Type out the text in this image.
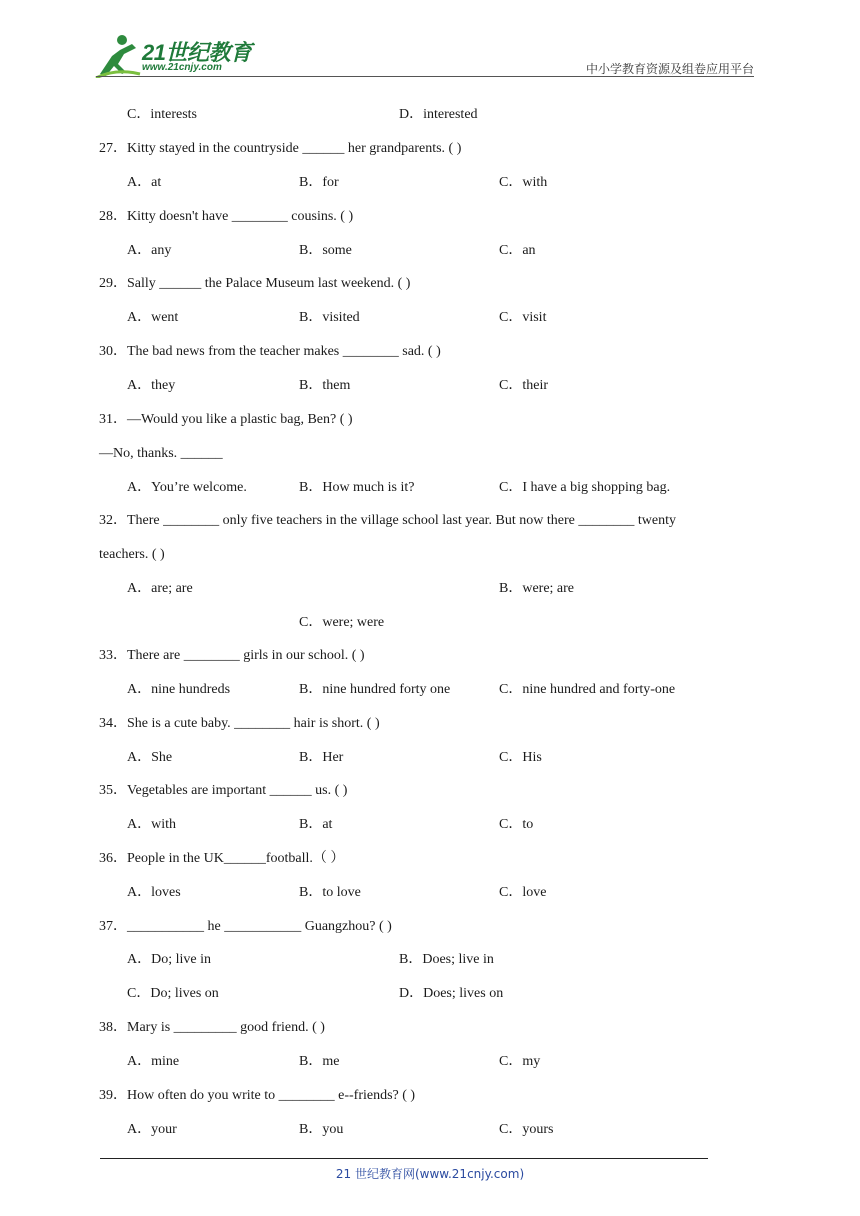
21世纪教育
www.21cnjy.com	中小学教育资源及组卷应用平台
C．interests	D．interested
27．Kitty stayed in the countryside ______ her grandparents. ( )
A．at	B．for	C．with
28．Kitty doesn't have ________ cousins. ( )
A．any	B．some	C．an
29．Sally ______ the Palace Museum last weekend. ( )
A．went	B．visited	C．visit
30．The bad news from the teacher makes ________ sad. ( )
A．they	B．them	C．their
31．—Would you like a plastic bag, Ben? ( )
—No, thanks. ______
A．You’re welcome.	B．How much is it?	C．I have a big shopping bag.
32．There ________ only five teachers in the village school last year. But now there ________ twenty
teachers. ( )
A．are; are	B．were; are
C．were; were
33．There are ________ girls in our school. ( )
A．nine hundreds	B．nine hundred forty one	C．nine hundred and forty-one
34．She is a cute baby. ________ hair is short. ( )
A．She	B．Her	C．His
35．Vegetables are important ______ us. ( )
A．with	B．at	C．to
36．People in the UK______football.（ ）
A．loves	B．to love	C．love
37．___________ he ___________ Guangzhou? ( )
A．Do; live in	B．Does; live in
C．Do; lives on	D．Does; lives on
38．Mary is _________ good friend. ( )
A．mine	B．me	C．my
39．How often do you write to ________ e--friends? ( )
A．your	B．you	C．yours
21 世纪教育网(www.21cnjy.com)
